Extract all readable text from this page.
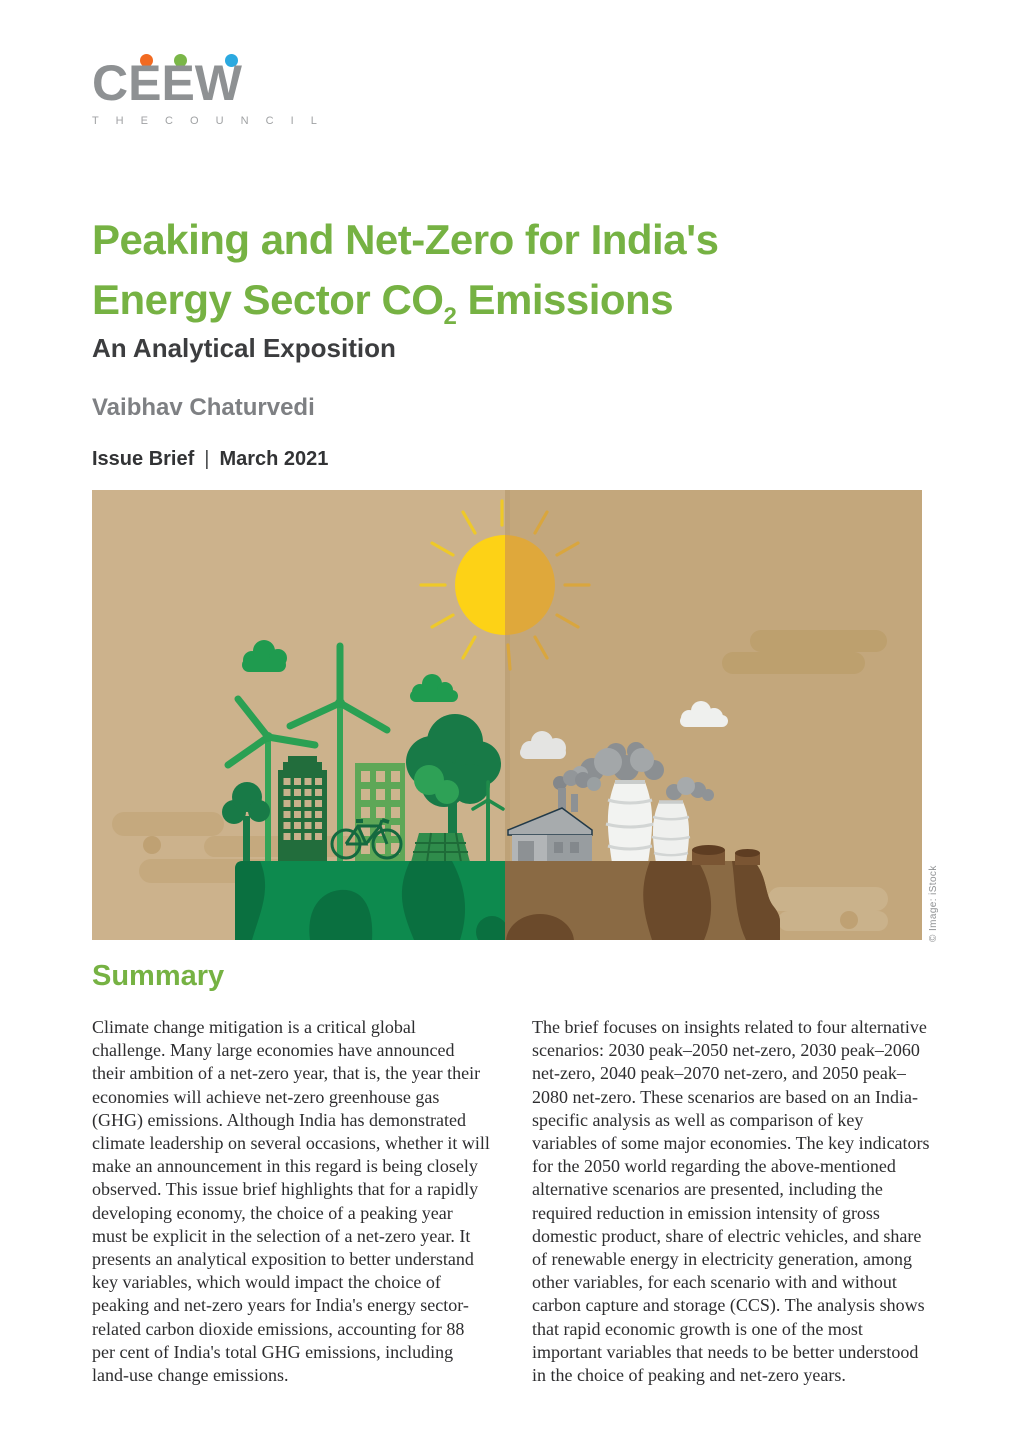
CEEW
T H E C O U N C I L
Peaking and Net-Zero for India's
Energy Sector $CO_2$ Emissions
An Analytical Exposition
Vaibhav Chaturvedi
Issue Brief | March 2021
© Image: iStock
Summary
Climate change mitigation is a critical global challenge. Many large economies have announced their ambition of a net-zero year, that is, the year their economies will achieve net-zero greenhouse gas (GHG) emissions. Although India has demonstrated climate leadership on several occasions, whether it will make an announcement in this regard is being closely observed. This issue brief highlights that for a rapidly developing economy, the choice of a peaking year must be explicit in the selection of a net-zero year. It presents an analytical exposition to better understand key variables, which would impact the choice of peaking and net-zero years for India's energy sector-related carbon dioxide emissions, accounting for 88 per cent of India's total GHG emissions, including land-use change emissions.
The brief focuses on insights related to four alternative scenarios: 2030 peak–2050 net-zero, 2030 peak–2060 net-zero, 2040 peak–2070 net-zero, and 2050 peak–2080 net-zero. These scenarios are based on an India-specific analysis as well as comparison of key variables of some major economies. The key indicators for the 2050 world regarding the above-mentioned alternative scenarios are presented, including the required reduction in emission intensity of gross domestic product, share of electric vehicles, and share of renewable energy in electricity generation, among other variables, for each scenario with and without carbon capture and storage (CCS). The analysis shows that rapid economic growth is one of the most important variables that needs to be better understood in the choice of peaking and net-zero years.
